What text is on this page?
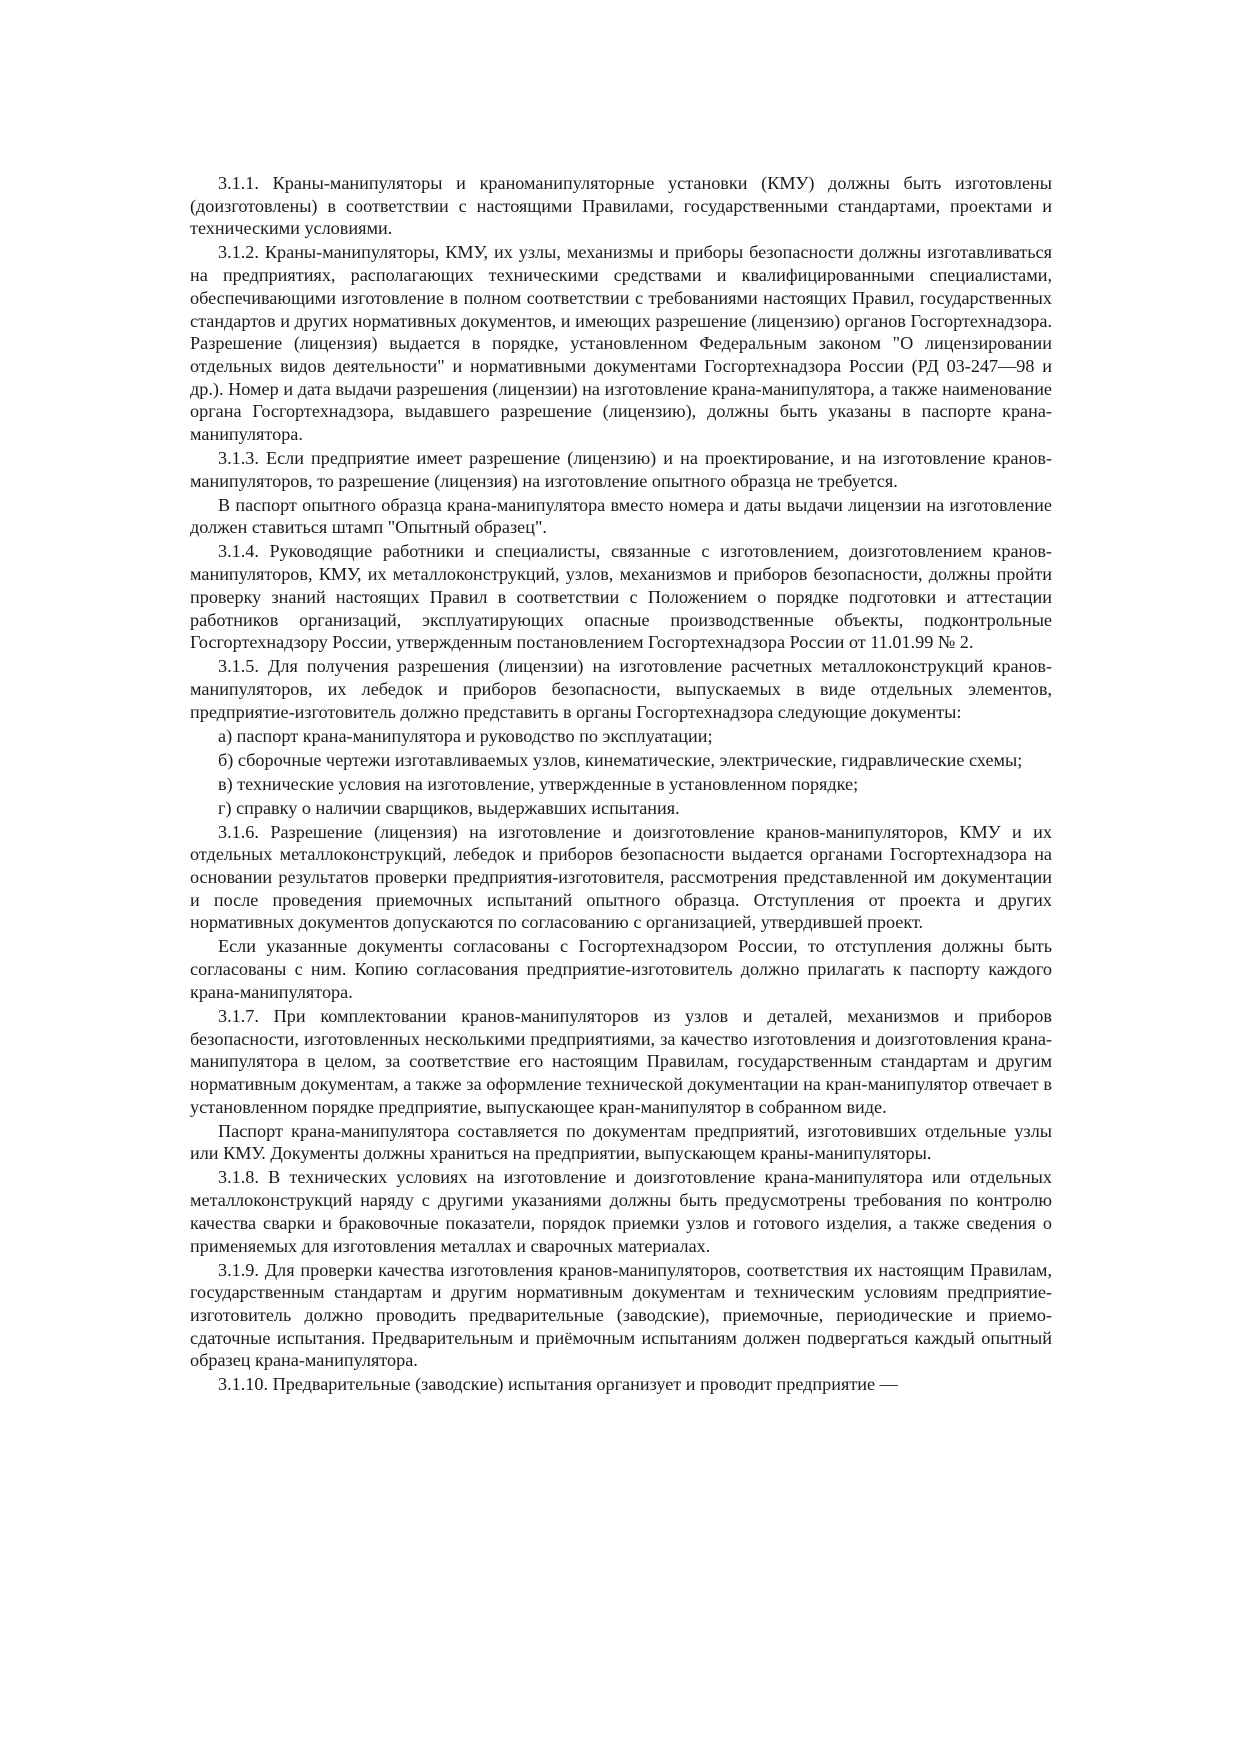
3.1.1. Краны-манипуляторы и краноманипуляторные установки (КМУ) должны быть изготовлены (доизготовлены) в соответствии с настоящими Правилами, государственными стандартами, проектами и техническими условиями.

3.1.2. Краны-манипуляторы, КМУ, их узлы, механизмы и приборы безопасности должны изготавливаться на предприятиях, располагающих техническими средствами и квалифицированными специалистами, обеспечивающими изготовление в полном соответствии с требованиями настоящих Правил, государственных стандартов и других нормативных документов, и имеющих разрешение (лицензию) органов Госгортехнадзора. Разрешение (лицензия) выдается в порядке, установленном Федеральным законом "О лицензировании отдельных видов деятельности" и нормативными документами Госгортехнадзора России (РД 03-247—98 и др.). Номер и дата выдачи разрешения (лицензии) на изготовление крана-манипулятора, а также наименование органа Госгортехнадзора, выдавшего разрешение (лицензию), должны быть указаны в паспорте крана-манипулятора.

3.1.3. Если предприятие имеет разрешение (лицензию) и на проектирование, и на изготовление кранов-манипуляторов, то разрешение (лицензия) на изготовление опытного образца не требуется.

В паспорт опытного образца крана-манипулятора вместо номера и даты выдачи лицензии на изготовление должен ставиться штамп "Опытный образец".

3.1.4. Руководящие работники и специалисты, связанные с изготовлением, доизготовлением кранов-манипуляторов, КМУ, их металлоконструкций, узлов, механизмов и приборов безопасности, должны пройти проверку знаний настоящих Правил в соответствии с Положением о порядке подготовки и аттестации работников организаций, эксплуатирующих опасные производственные объекты, подконтрольные Госгортехнадзору России, утвержденным постановлением Госгортехнадзора России от 11.01.99 № 2.

3.1.5. Для получения разрешения (лицензии) на изготовление расчетных металлоконструкций кранов-манипуляторов, их лебедок и приборов безопасности, выпускаемых в виде отдельных элементов, предприятие-изготовитель должно представить в органы Госгортехнадзора следующие документы:

а) паспорт крана-манипулятора и руководство по эксплуатации;

б) сборочные чертежи изготавливаемых узлов, кинематические, электрические, гидравлические схемы;

в) технические условия на изготовление, утвержденные в установленном порядке;

г) справку о наличии сварщиков, выдержавших испытания.

3.1.6. Разрешение (лицензия) на изготовление и доизготовление кранов-манипуляторов, КМУ и их отдельных металлоконструкций, лебедок и приборов безопасности выдается органами Госгортехнадзора на основании результатов проверки предприятия-изготовителя, рассмотрения представленной им документации и после проведения приемочных испытаний опытного образца. Отступления от проекта и других нормативных документов допускаются по согласованию с организацией, утвердившей проект.

Если указанные документы согласованы с Госгортехнадзором России, то отступления должны быть согласованы с ним. Копию согласования предприятие-изготовитель должно прилагать к паспорту каждого крана-манипулятора.

3.1.7. При комплектовании кранов-манипуляторов из узлов и деталей, механизмов и приборов безопасности, изготовленных несколькими предприятиями, за качество изготовления и доизготовления крана-манипулятора в целом, за соответствие его настоящим Правилам, государственным стандартам и другим нормативным документам, а также за оформление технической документации на кран-манипулятор отвечает в установленном порядке предприятие, выпускающее кран-манипулятор в собранном виде.

Паспорт крана-манипулятора составляется по документам предприятий, изготовивших отдельные узлы или КМУ. Документы должны храниться на предприятии, выпускающем краны-манипуляторы.

3.1.8. В технических условиях на изготовление и доизготовление крана-манипулятора или отдельных металлоконструкций наряду с другими указаниями должны быть предусмотрены требования по контролю качества сварки и браковочные показатели, порядок приемки узлов и готового изделия, а также сведения о применяемых для изготовления металлах и сварочных материалах.

3.1.9. Для проверки качества изготовления кранов-манипуляторов, соответствия их настоящим Правилам, государственным стандартам и другим нормативным документам и техническим условиям предприятие-изготовитель должно проводить предварительные (заводские), приемочные, периодические и приемо-сдаточные испытания. Предварительным и приёмочным испытаниям должен подвергаться каждый опытный образец крана-манипулятора.

3.1.10. Предварительные (заводские) испытания организует и проводит предприятие —
